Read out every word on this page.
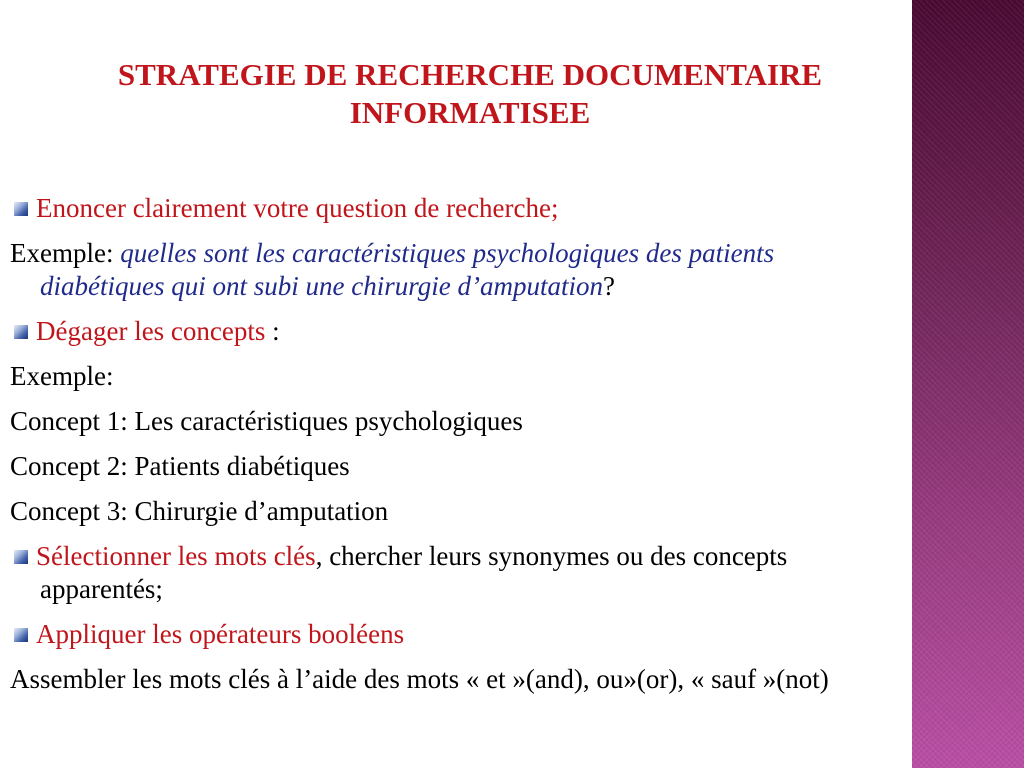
STRATEGIE DE RECHERCHE DOCUMENTAIRE
INFORMATISEE

Enoncer clairement votre question de recherche;

Exemple: quelles sont les caractéristiques psychologiques des patients diabétiques qui ont subi une chirurgie d’amputation?

Dégager les concepts :

Exemple:

Concept 1: Les caractéristiques psychologiques

Concept 2: Patients diabétiques

Concept 3: Chirurgie d’amputation

Sélectionner les mots clés, chercher leurs synonymes ou des concepts apparentés;

Appliquer les opérateurs booléens

Assembler les mots clés à l’aide des mots « et »(and), ou»(or), « sauf »(not)
